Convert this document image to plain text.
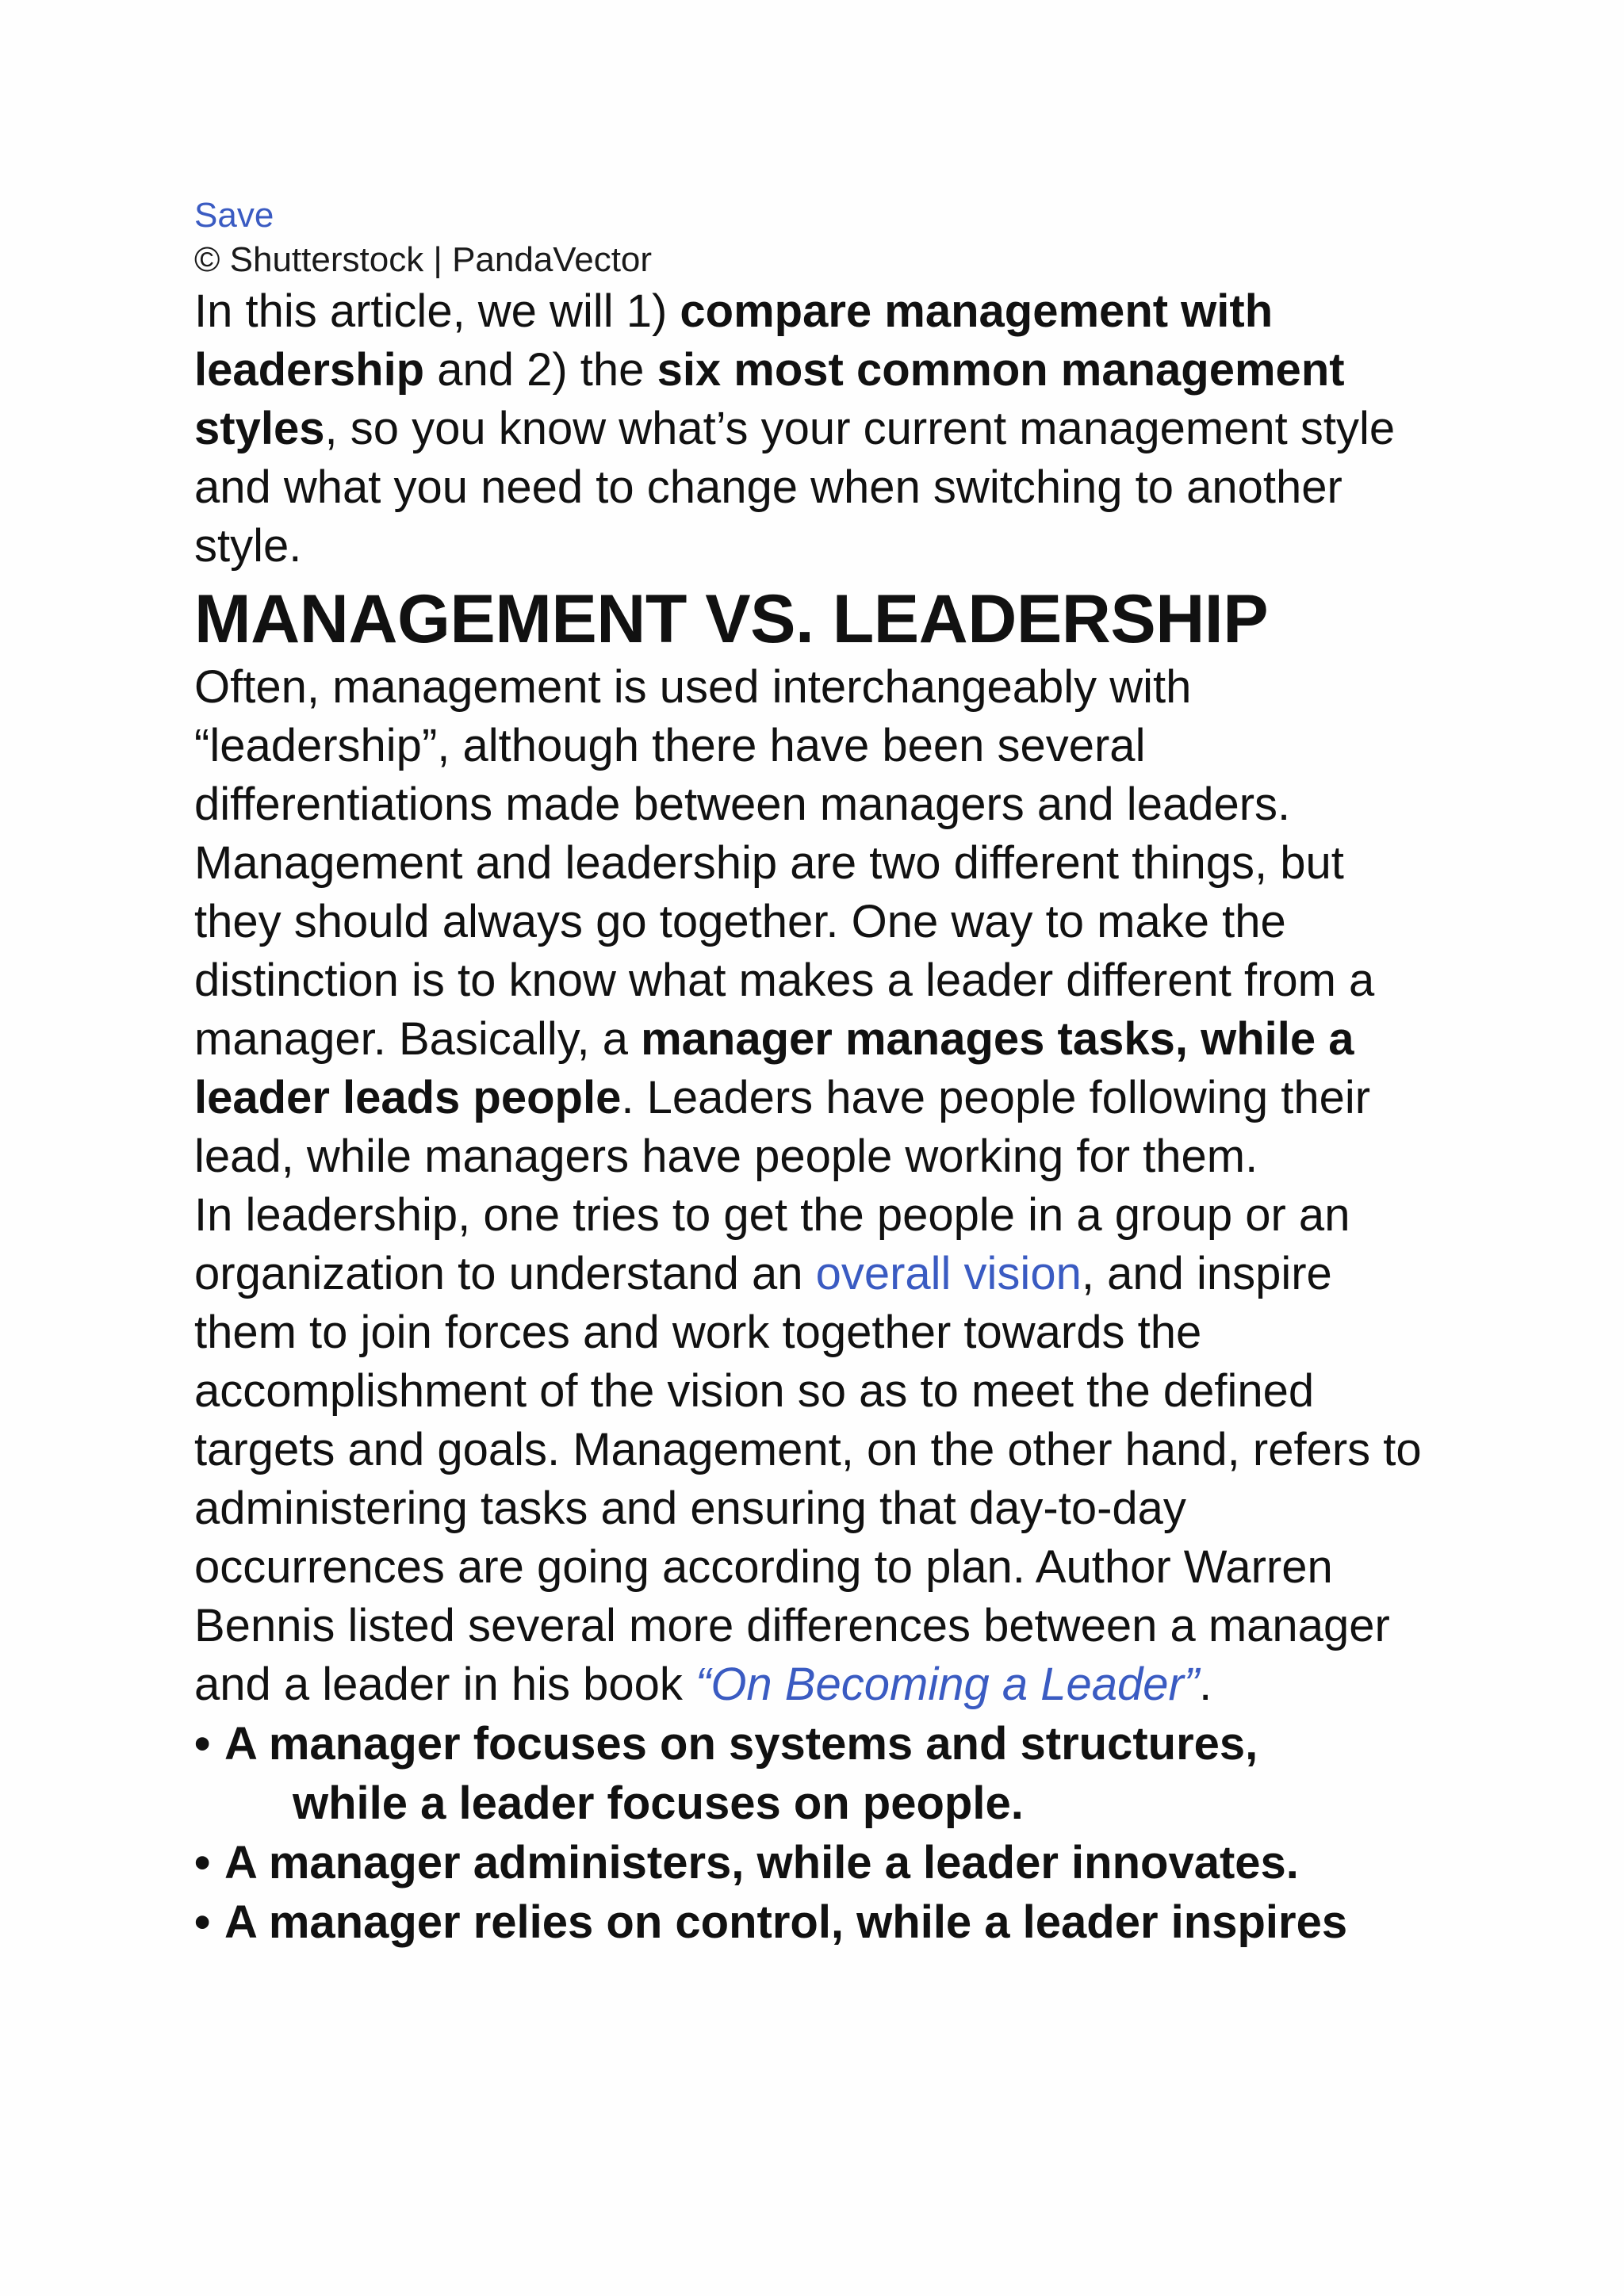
Save
© Shutterstock | PandaVector

In this article, we will 1) compare management with leadership and 2) the six most common management styles, so you know what’s your current management style and what you need to change when switching to another style.

MANAGEMENT VS. LEADERSHIP

Often, management is used interchangeably with “leadership”, although there have been several differentiations made between managers and leaders. Management and leadership are two different things, but they should always go together. One way to make the distinction is to know what makes a leader different from a manager. Basically, a manager manages tasks, while a leader leads people. Leaders have people following their lead, while managers have people working for them.

In leadership, one tries to get the people in a group or an organization to understand an overall vision, and inspire them to join forces and work together towards the accomplishment of the vision so as to meet the defined targets and goals. Management, on the other hand, refers to administering tasks and ensuring that day-to-day occurrences are going according to plan. Author Warren Bennis listed several more differences between a manager and a leader in his book “On Becoming a Leader”.

• A manager focuses on systems and structures,
while a leader focuses on people.
• A manager administers, while a leader innovates.
• A manager relies on control, while a leader inspires
